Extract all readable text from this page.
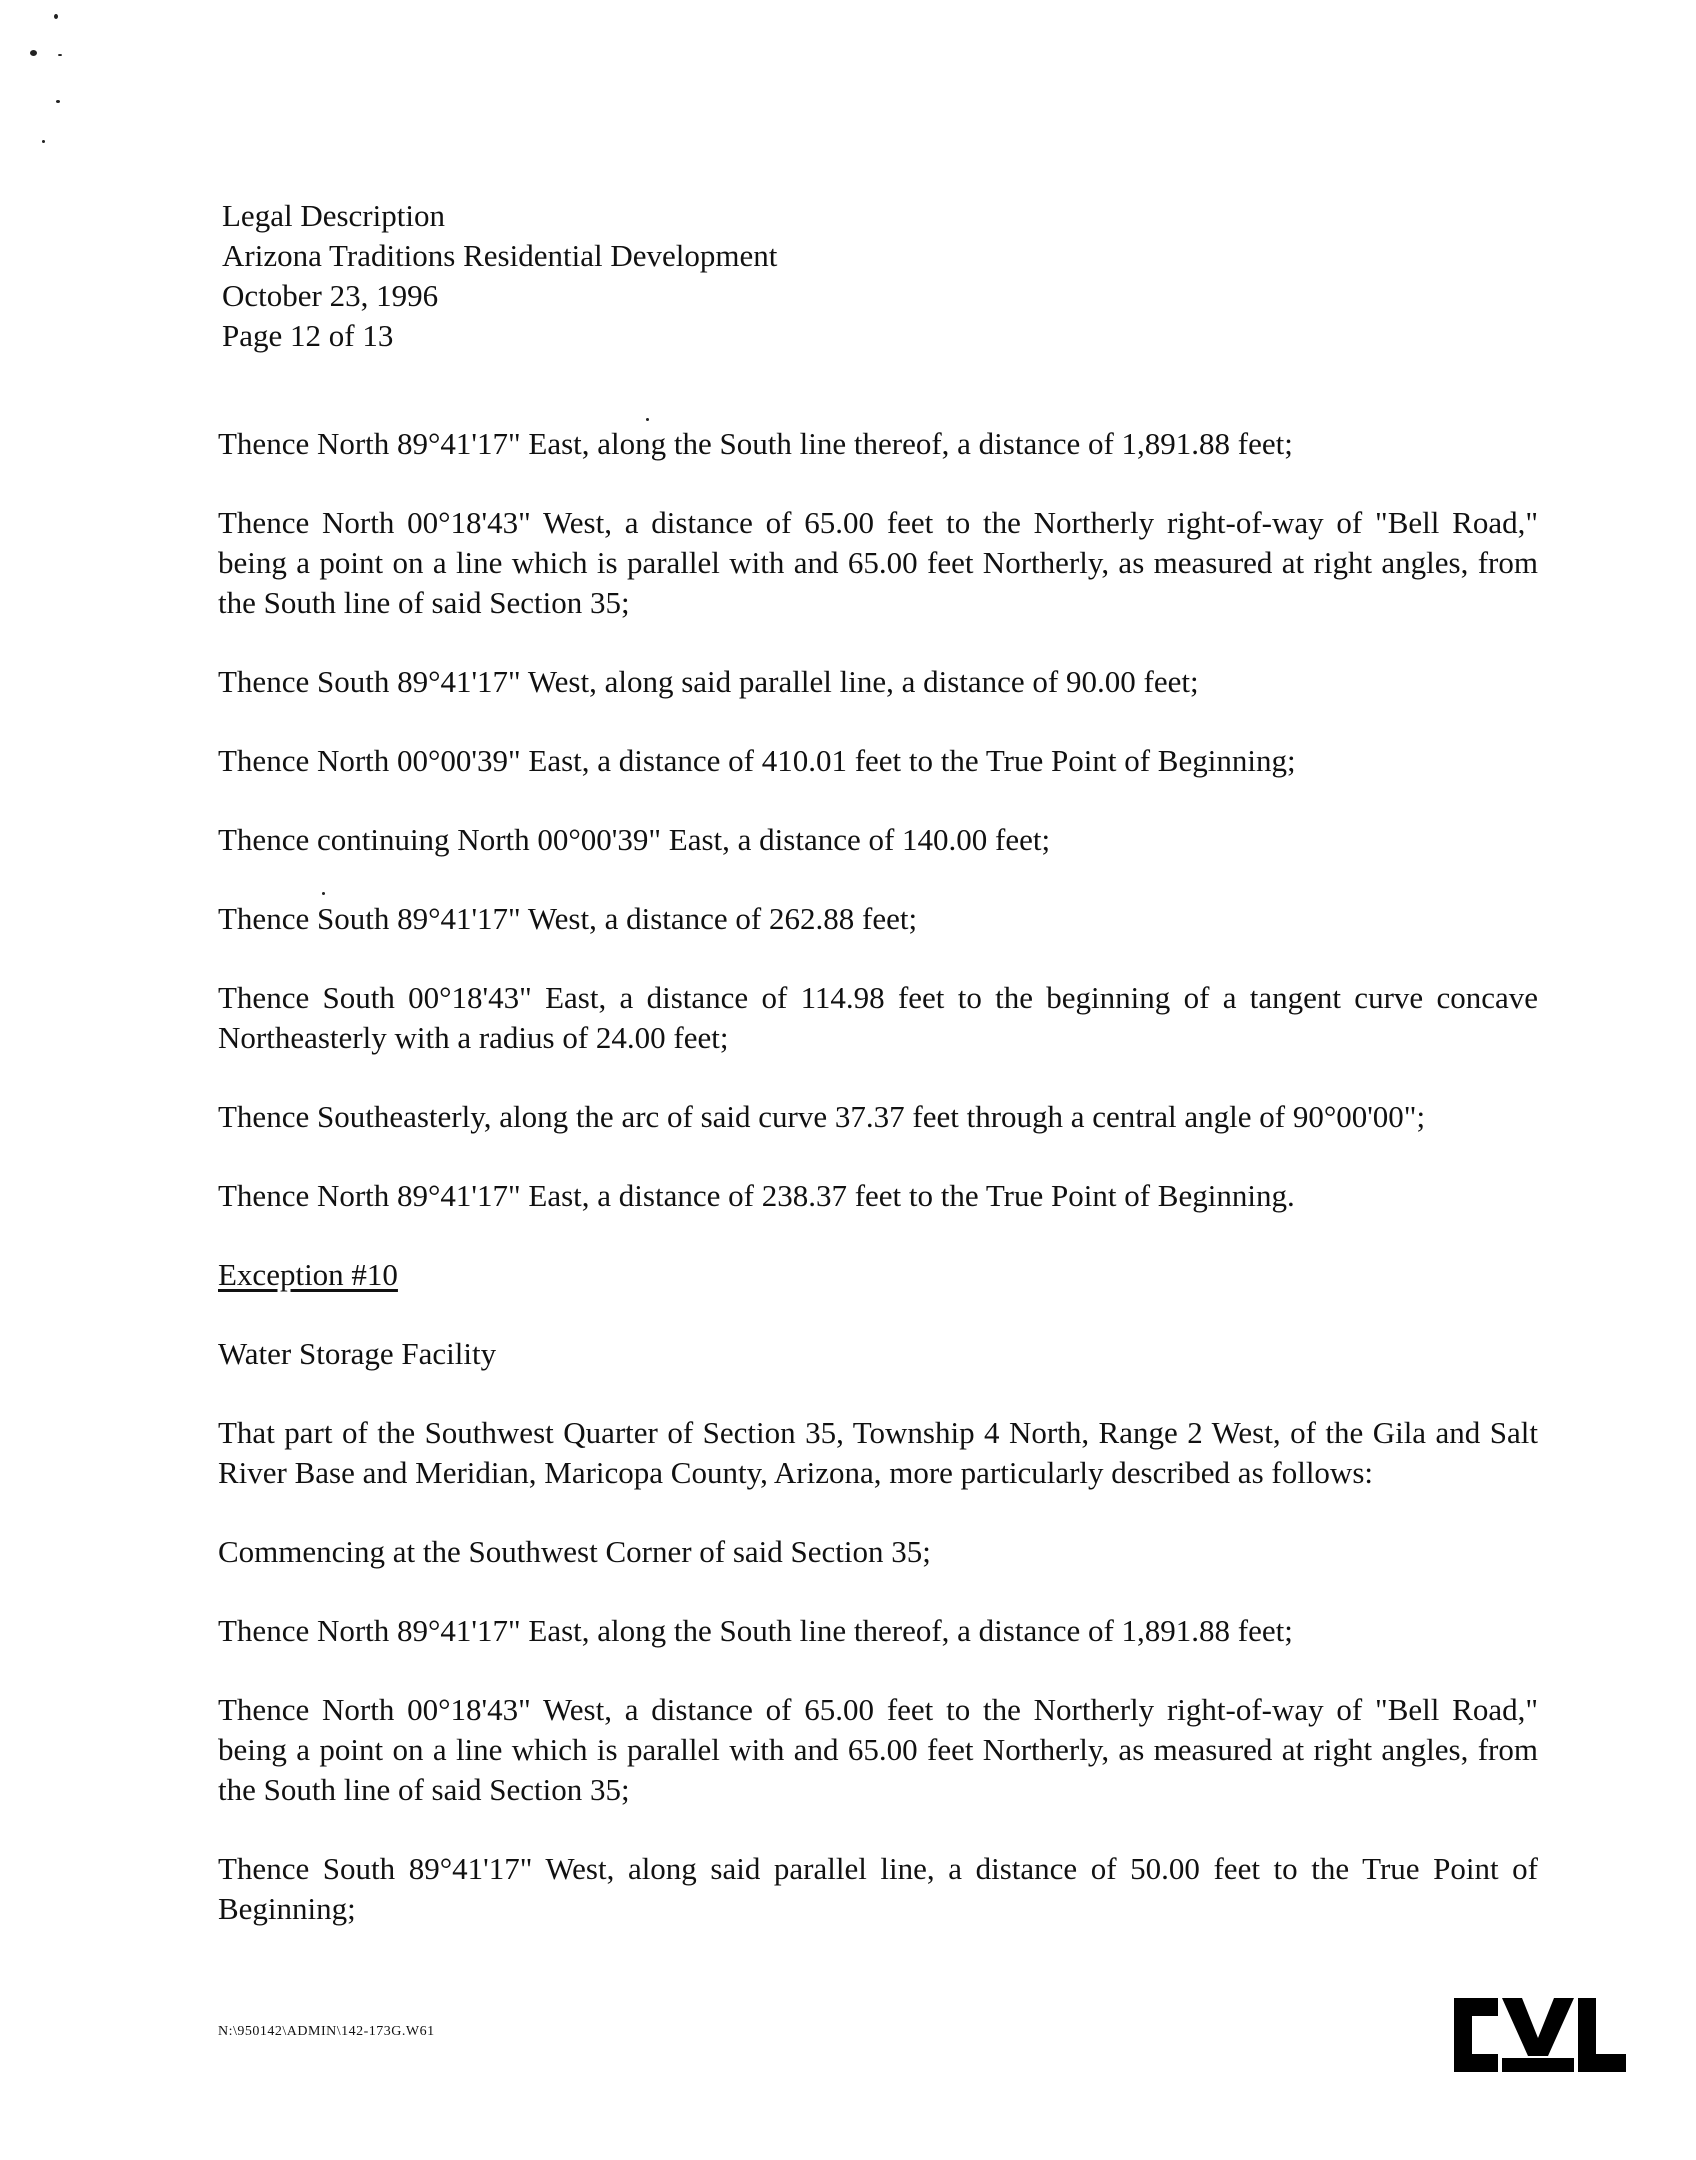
Legal Description
Arizona Traditions Residential Development
October 23, 1996
Page 12 of 13

Thence North 89°41'17" East, along the South line thereof, a distance of 1,891.88 feet;

Thence North 00°18'43" West, a distance of 65.00 feet to the Northerly right-of-way of "Bell Road," being a point on a line which is parallel with and 65.00 feet Northerly, as measured at right angles, from the South line of said Section 35;

Thence South 89°41'17" West, along said parallel line, a distance of 90.00 feet;

Thence North 00°00'39" East, a distance of 410.01 feet to the True Point of Beginning;

Thence continuing North 00°00'39" East, a distance of 140.00 feet;

Thence South 89°41'17" West, a distance of 262.88 feet;

Thence South 00°18'43" East, a distance of 114.98 feet to the beginning of a tangent curve concave Northeasterly with a radius of 24.00 feet;

Thence Southeasterly, along the arc of said curve 37.37 feet through a central angle of 90°00'00";

Thence North 89°41'17" East, a distance of 238.37 feet to the True Point of Beginning.

Exception #10

Water Storage Facility

That part of the Southwest Quarter of Section 35, Township 4 North, Range 2 West, of the Gila and Salt River Base and Meridian, Maricopa County, Arizona, more particularly described as follows:

Commencing at the Southwest Corner of said Section 35;

Thence North 89°41'17" East, along the South line thereof, a distance of 1,891.88 feet;

Thence North 00°18'43" West, a distance of 65.00 feet to the Northerly right-of-way of "Bell Road," being a point on a line which is parallel with and 65.00 feet Northerly, as measured at right angles, from the South line of said Section 35;

Thence South 89°41'17" West, along said parallel line, a distance of 50.00 feet to the True Point of Beginning;

N:\950142\ADMIN\142-173G.W61
